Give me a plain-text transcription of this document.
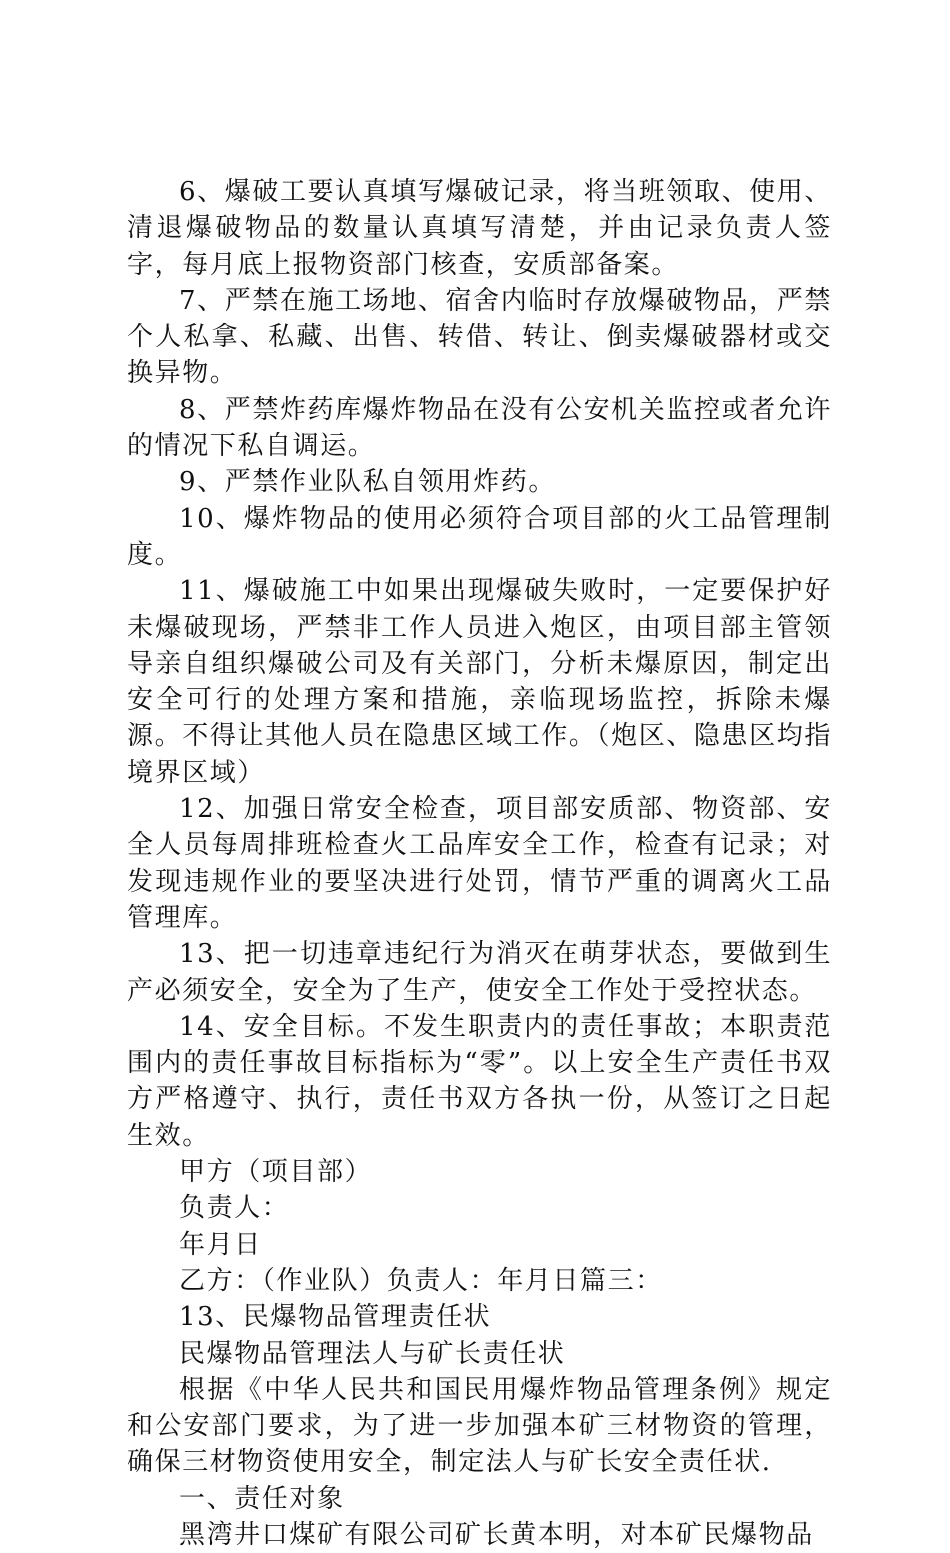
6、爆破工要认真填写爆破记录，将当班领取、使用、清退爆破物品的数量认真填写清楚，并由记录负责人签字，每月底上报物资部门核查，安质部备案。

7、严禁在施工场地、宿舍内临时存放爆破物品，严禁个人私拿、私藏、出售、转借、转让、倒卖爆破器材或交换异物。

8、严禁炸药库爆炸物品在没有公安机关监控或者允许的情况下私自调运。

9、严禁作业队私自领用炸药。

10、爆炸物品的使用必须符合项目部的火工品管理制度。

11、爆破施工中如果出现爆破失败时，一定要保护好未爆破现场，严禁非工作人员进入炮区，由项目部主管领导亲自组织爆破公司及有关部门，分析未爆原因，制定出安全可行的处理方案和措施，亲临现场监控，拆除未爆源。不得让其他人员在隐患区域工作。（炮区、隐患区均指境界区域）

12、加强日常安全检查，项目部安质部、物资部、安全人员每周排班检查火工品库安全工作，检查有记录；对发现违规作业的要坚决进行处罚，情节严重的调离火工品管理库。

13、把一切违章违纪行为消灭在萌芽状态，要做到生产必须安全，安全为了生产，使安全工作处于受控状态。

14、安全目标。不发生职责内的责任事故；本职责范围内的责任事故目标指标为“零”。以上安全生产责任书双方严格遵守、执行，责任书双方各执一份，从签订之日起生效。

甲方（项目部）

负责人：

年月日

乙方：（作业队）负责人：年月日篇三：

13、民爆物品管理责任状

民爆物品管理法人与矿长责任状

根据《中华人民共和国民用爆炸物品管理条例》规定和公安部门要求，为了进一步加强本矿三材物资的管理，确保三材物资使用安全，制定法人与矿长安全责任状.

一、责任对象

黑湾井口煤矿有限公司矿长黄本明，对本矿民爆物品
